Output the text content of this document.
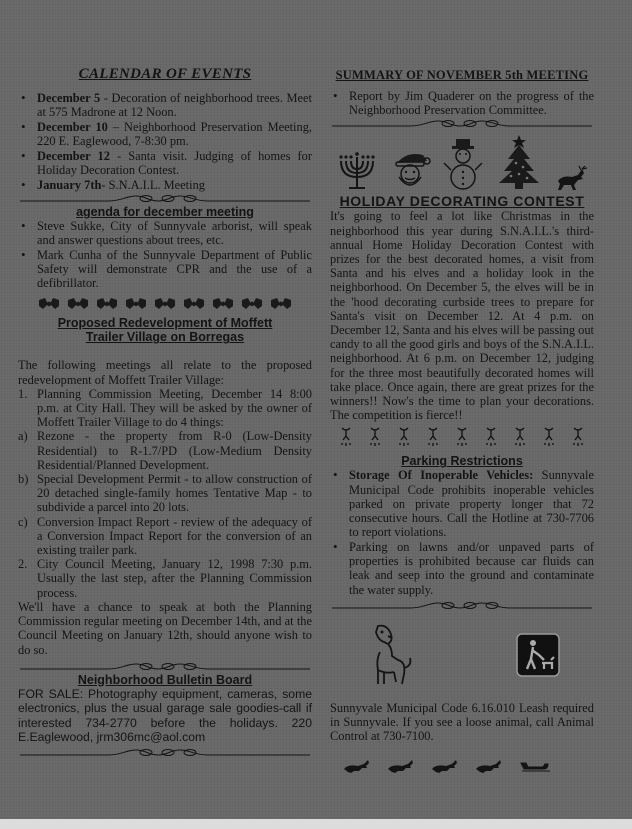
CALENDAR OF EVENTS
• December 5 - Decoration of neighborhood trees. Meet at 575 Madrone at 12 Noon.
• December 10 – Neighborhood Preservation Meeting, 220 E. Eaglewood, 7-8:30 pm.
• December 12 - Santa visit. Judging of homes for Holiday Decoration Contest.
• January 7th- S.N.A.I.L. Meeting
agenda for december meeting
• Steve Sukke, City of Sunnyvale arborist, will speak and answer questions about trees, etc.
• Mark Cunha of the Sunnyvale Department of Public Safety will demonstrate CPR and the use of a defibrillator.
Proposed Redevelopment of Moffett Trailer Village on Borregas

The following meetings all relate to the proposed redevelopment of Moffett Trailer Village:

1. Planning Commission Meeting, December 14 8:00 p.m. at City Hall. They will be asked by the owner of Moffett Trailer Village to do 4 things:
a) Rezone - the property from R-0 (Low-Density Residential) to R-1.7/PD (Low-Medium Density Residential/Planned Development.
b) Special Development Permit - to allow construction of 20 detached single-family homes Tentative Map - to subdivide a parcel into 20 lots.
c) Conversion Impact Report - review of the adequacy of a Conversion Impact Report for the conversion of an existing trailer park.
2. City Council Meeting, January 12, 1998 7:30 p.m. Usually the last step, after the Planning Commission process.

We'll have a chance to speak at both the Planning Commission regular meeting on December 14th, and at the Council Meeting on January 12th, should anyone wish to do so.

Neighborhood Bulletin Board

FOR SALE: Photography equipment, cameras, some electronics, plus the usual garage sale goodies-call if interested 734-2770 before the holidays. 220 E.Eaglewood, jrm306mc@aol.com

SUMMARY OF NOVEMBER 5th MEETING
• Report by Jim Quaderer on the progress of the Neighborhood Preservation Committee.
HOLIDAY DECORATING CONTEST

It's going to feel a lot like Christmas in the neighborhood this year during S.N.A.I.L.'s third-annual Home Holiday Decoration Contest with prizes for the best decorated homes, a visit from Santa and his elves and a holiday look in the neighborhood. On December 5, the elves will be in the 'hood decorating curbside trees to prepare for Santa's visit on December 12. At 4 p.m. on December 12, Santa and his elves will be passing out candy to all the good girls and boys of the S.N.A.I.L. neighborhood. At 6 p.m. on December 12, judging for the three most beautifully decorated homes will take place. Once again, there are great prizes for the winners!! Now's the time to plan your decorations. The competition is fierce!!

Parking Restrictions
• Storage Of Inoperable Vehicles: Sunnyvale Municipal Code prohibits inoperable vehicles parked on private property longer that 72 consecutive hours. Call the Hotline at 730-7706 to report violations.
• Parking on lawns and/or unpaved parts of properties is prohibited because car fluids can leak and seep into the ground and contaminate the water supply.

Sunnyvale Municipal Code 6.16.010 Leash required in Sunnyvale. If you see a loose animal, call Animal Control at 730-7100.
